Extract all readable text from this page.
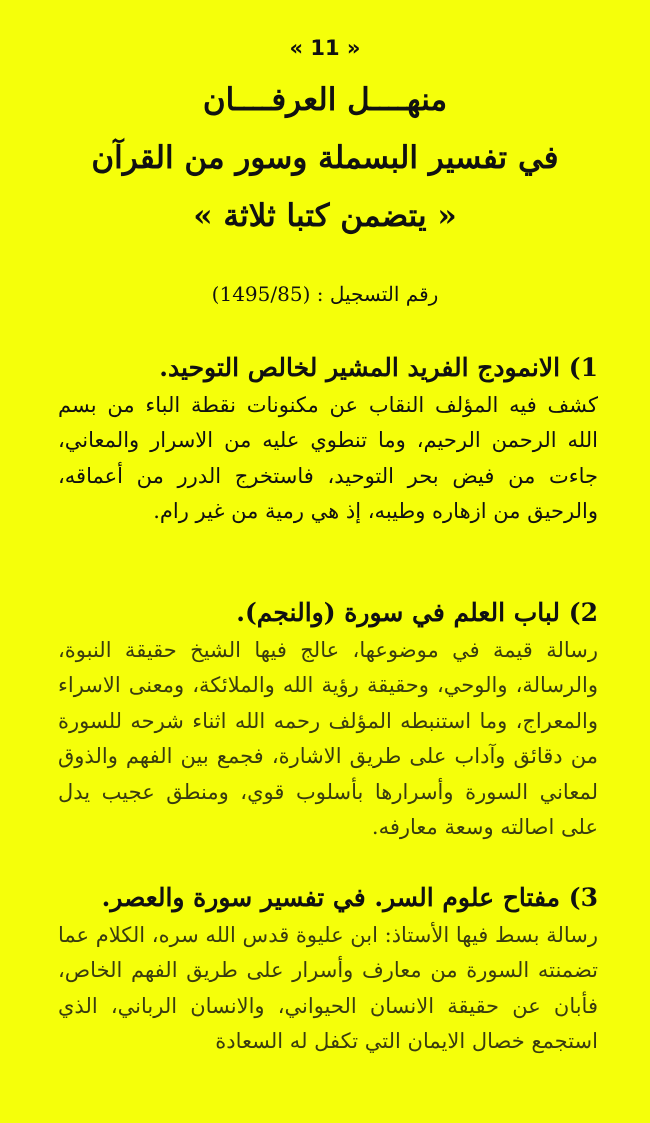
« 11 »
منهــــل العرفــــان
في تفسير البسملة وسور من القرآن
« يتضمن كتبا ثلاثة »
رقم التسجيل : (1495/85)
1) الانمودج الفريد المشير لخالص التوحيد.
كشف فيه المؤلف النقاب عن مكنونات نقطة الباء من بسم الله الرحمن الرحيم، وما تنطوي عليه من الاسرار والمعاني، جاءت من فيض بحر التوحيد، فاستخرج الدرر من أعماقه، والرحيق من ازهاره وطيبه، إذ هي رمية من غير رام.
2) لباب العلم في سورة (والنجم).
رسالة قيمة في موضوعها، عالج فيها الشيخ حقيقة النبوة، والرسالة، والوحي، وحقيقة رؤية الله والملائكة، ومعنى الاسراء والمعراج، وما استنبطه المؤلف رحمه الله اثناء شرحه للسورة من دقائق وآداب على طريق الاشارة، فجمع بين الفهم والذوق لمعاني السورة وأسرارها بأسلوب قوي، ومنطق عجيب يدل على اصالته وسعة معارفه.
3) مفتاح علوم السر. في تفسير سورة والعصر.
رسالة بسط فيها الأستاذ: ابن عليوة قدس الله سره، الكلام عما تضمنته السورة من معارف وأسرار على طريق الفهم الخاص، فأبان عن حقيقة الانسان الحيواني، والانسان الرباني، الذي استجمع خصال الايمان التي تكفل له السعادة
